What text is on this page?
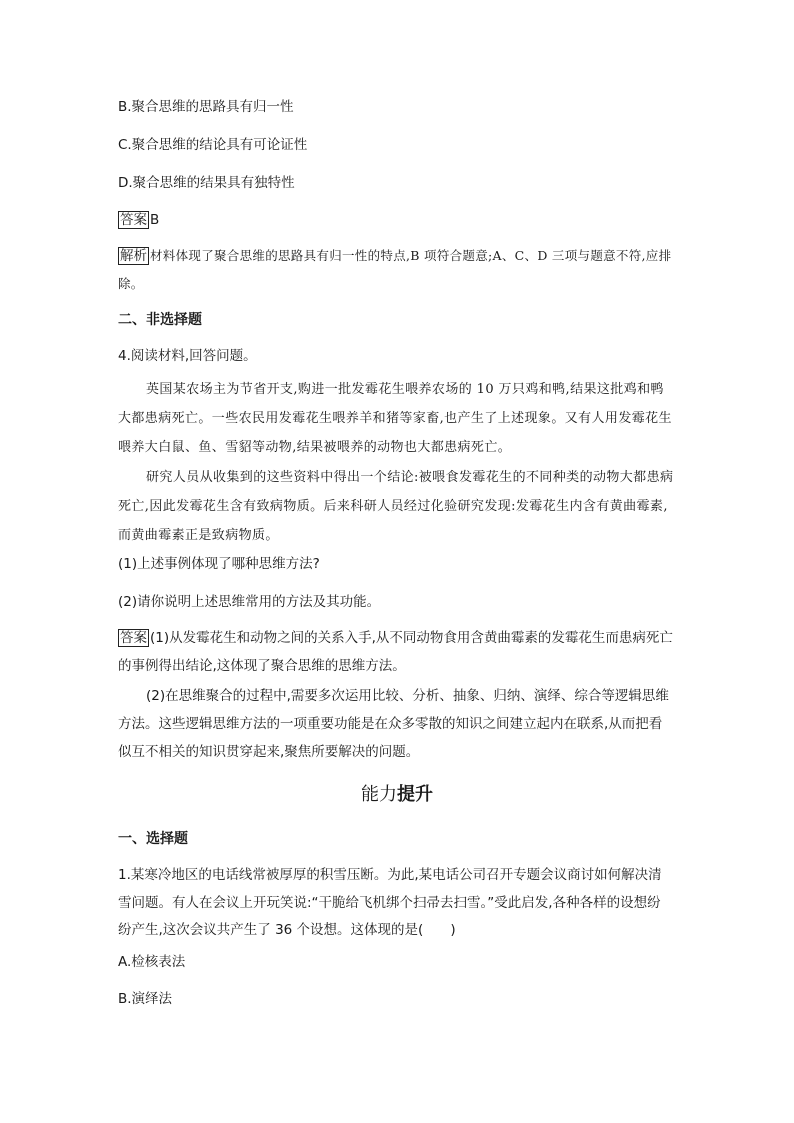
B.聚合思维的思路具有归一性
C.聚合思维的结论具有可论证性
D.聚合思维的结果具有独特性
答案 B
解析 材料体现了聚合思维的思路具有归一性的特点,B 项符合题意;A、C、D 三项与题意不符,应排除。
二、非选择题
4.阅读材料,回答问题。
英国某农场主为节省开支,购进一批发霉花生喂养农场的 10 万只鸡和鸭,结果这批鸡和鸭大都患病死亡。一些农民用发霉花生喂养羊和猪等家畜,也产生了上述现象。又有人用发霉花生喂养大白鼠、鱼、雪貂等动物,结果被喂养的动物也大都患病死亡。
研究人员从收集到的这些资料中得出一个结论:被喂食发霉花生的不同种类的动物大都患病死亡,因此发霉花生含有致病物质。后来科研人员经过化验研究发现:发霉花生内含有黄曲霉素,而黄曲霉素正是致病物质。
(1)上述事例体现了哪种思维方法?
(2)请你说明上述思维常用的方法及其功能。
答案 (1)从发霉花生和动物之间的关系入手,从不同动物食用含黄曲霉素的发霉花生而患病死亡的事例得出结论,这体现了聚合思维的思维方法。
(2)在思维聚合的过程中,需要多次运用比较、分析、抽象、归纳、演绎、综合等逻辑思维方法。这些逻辑思维方法的一项重要功能是在众多零散的知识之间建立起内在联系,从而把看似互不相关的知识贯穿起来,聚焦所要解决的问题。
能力提升
一、选择题
1.某寒冷地区的电话线常被厚厚的积雪压断。为此,某电话公司召开专题会议商讨如何解决清雪问题。有人在会议上开玩笑说:“干脆给飞机绑个扫帚去扫雪。”受此启发,各种各样的设想纷纷产生,这次会议共产生了 36 个设想。这体现的是(　　)
A.检核表法
B.演绎法
